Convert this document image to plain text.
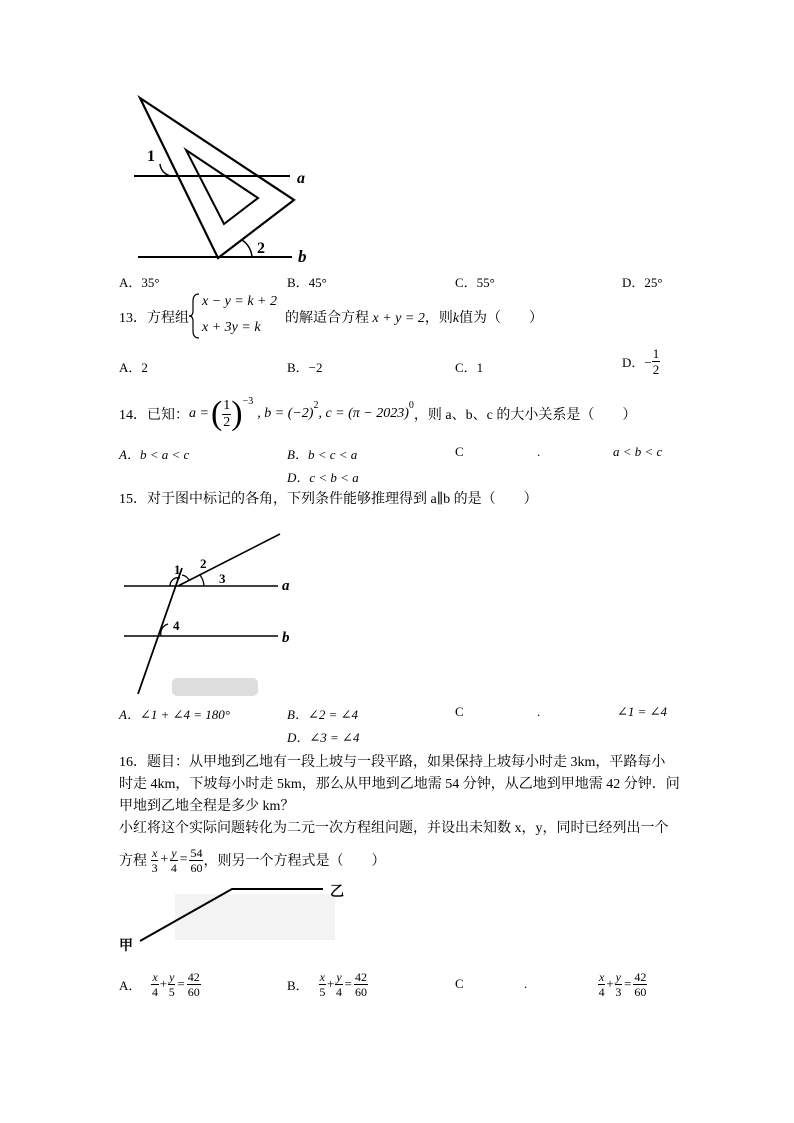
1
2
a
b
A．35°	B．45°	C．55°	D．25°
13．方程组
x − y = k + 2
x + 3y = k
的解适合方程 x + y = 2，则k值为（　　）
A．2	B．−2	C．1	D．− $\frac{1}{2}$
14．已知： a = ( $\frac{1}{2} )^{-3}$
, b = (−2)
$^2$
, c = (π − 2023)
$^0$
，则 a、b、c 的大小关系是（　　）
A．b < a < c	B．b < c < a	C	.	a < b < c
D．c < b < a
15．对于图中标记的各角，下列条件能够推理得到 a∥b 的是（　　）
1 2
3
4
a
b
A．∠1 + ∠4 = 180°	B．∠2 = ∠4	C	.	∠1 = ∠4
D．∠3 = ∠4
16．题目：从甲地到乙地有一段上坡与一段平路，如果保持上坡每小时走 3km，平路每小
时走 4km，下坡每小时走 5km，那么从甲地到乙地需 54 分钟，从乙地到甲地需 42 分钟．问
甲地到乙地全程是多少 km？
小红将这个实际问题转化为二元一次方程组问题，并设出未知数 x，y，同时已经列出一个
方程 $\frac{x}{3} + \frac{y}{4} = \frac{54}{60}$ ，则另一个方程式是（　　）
甲
乙
A． $\frac{x}{4} + \frac{y}{5} = \frac{42}{60}$	B． $\frac{x}{5} + \frac{y}{4} = \frac{42}{60}$	C	.	$\frac{x}{4} + \frac{y}{3} = \frac{42}{60}$
